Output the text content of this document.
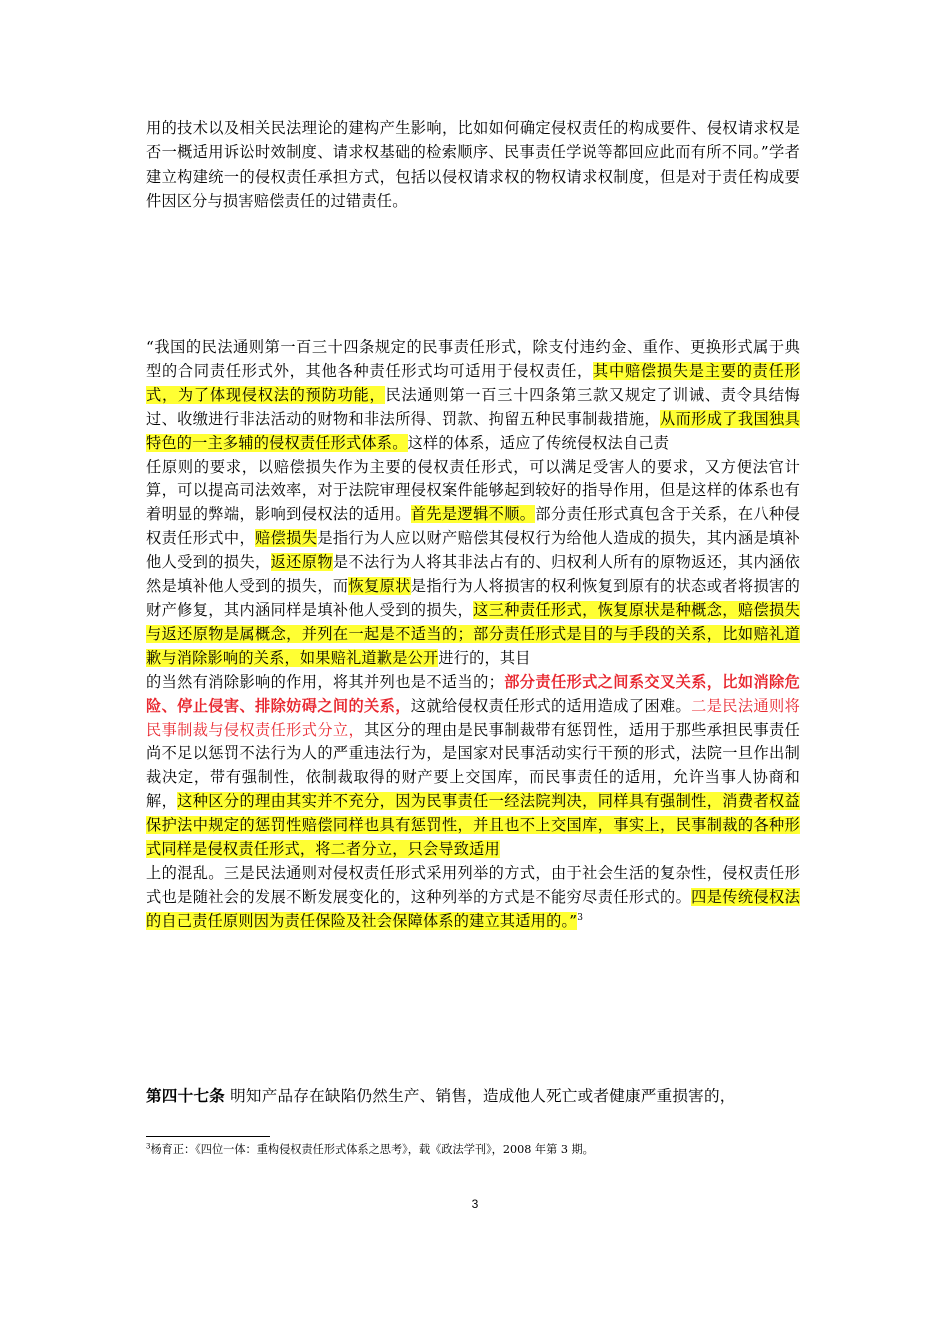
用的技术以及相关民法理论的建构产生影响，比如如何确定侵权责任的构成要件、侵权请求权是否一概适用诉讼时效制度、请求权基础的检索顺序、民事责任学说等都回应此而有所不同。”学者建立构建统一的侵权责任承担方式，包括以侵权请求权的物权请求权制度，但是对于责任构成要件因区分与损害赔偿责任的过错责任。

“我国的民法通则第一百三十四条规定的民事责任形式，除支付违约金、重作、更换形式属于典型的合同责任形式外，其他各种责任形式均可适用于侵权责任，其中赔偿损失是主要的责任形式，为了体现侵权法的预防功能，民法通则第一百三十四条第三款又规定了训诫、责令具结悔过、收缴进行非法活动的财物和非法所得、罚款、拘留五种民事制裁措施，从而形成了我国独具特色的一主多辅的侵权责任形式体系。这样的体系，适应了传统侵权法自己责
任原则的要求，以赔偿损失作为主要的侵权责任形式，可以满足受害人的要求，又方便法官计算，可以提高司法效率，对于法院审理侵权案件能够起到较好的指导作用，但是这样的体系也有着明显的弊端，影响到侵权法的适用。首先是逻辑不顺。部分责任形式真包含于关系，在八种侵权责任形式中，赔偿损失是指行为人应以财产赔偿其侵权行为给他人造成的损失，其内涵是填补他人受到的损失，返还原物是不法行为人将其非法占有的、归权利人所有的原物返还，其内涵依然是填补他人受到的损失，而恢复原状是指行为人将损害的权利恢复到原有的状态或者将损害的财产修复，其内涵同样是填补他人受到的损失，这三种责任形式，恢复原状是种概念，赔偿损失与返还原物是属概念，并列在一起是不适当的；部分责任形式是目的与手段的关系，比如赔礼道歉与消除影响的关系，如果赔礼道歉是公开进行的，其目
的当然有消除影响的作用，将其并列也是不适当的；部分责任形式之间系交叉关系，比如消除危险、停止侵害、排除妨碍之间的关系，这就给侵权责任形式的适用造成了困难。二是民法通则将民事制裁与侵权责任形式分立，其区分的理由是民事制裁带有惩罚性，适用于那些承担民事责任尚不足以惩罚不法行为人的严重违法行为，是国家对民事活动实行干预的形式，法院一旦作出制裁决定，带有强制性，依制裁取得的财产要上交国库，而民事责任的适用，允许当事人协商和解，这种区分的理由其实并不充分，因为民事责任一经法院判决，同样具有强制性，消费者权益保护法中规定的惩罚性赔偿同样也具有惩罚性，并且也不上交国库，事实上，民事制裁的各种形式同样是侵权责任形式，将二者分立，只会导致适用
上的混乱。三是民法通则对侵权责任形式采用列举的方式，由于社会生活的复杂性，侵权责任形式也是随社会的发展不断发展变化的，这种列举的方式是不能穷尽责任形式的。四是传统侵权法的自己责任原则因为责任保险及社会保障体系的建立其适用的。”$^3$

第四十七条 明知产品存在缺陷仍然生产、销售，造成他人死亡或者健康严重损害的，

$^3$杨育正：《四位一体：重构侵权责任形式体系之思考》，载《政法学刊》，2008 年第 3 期。

3
